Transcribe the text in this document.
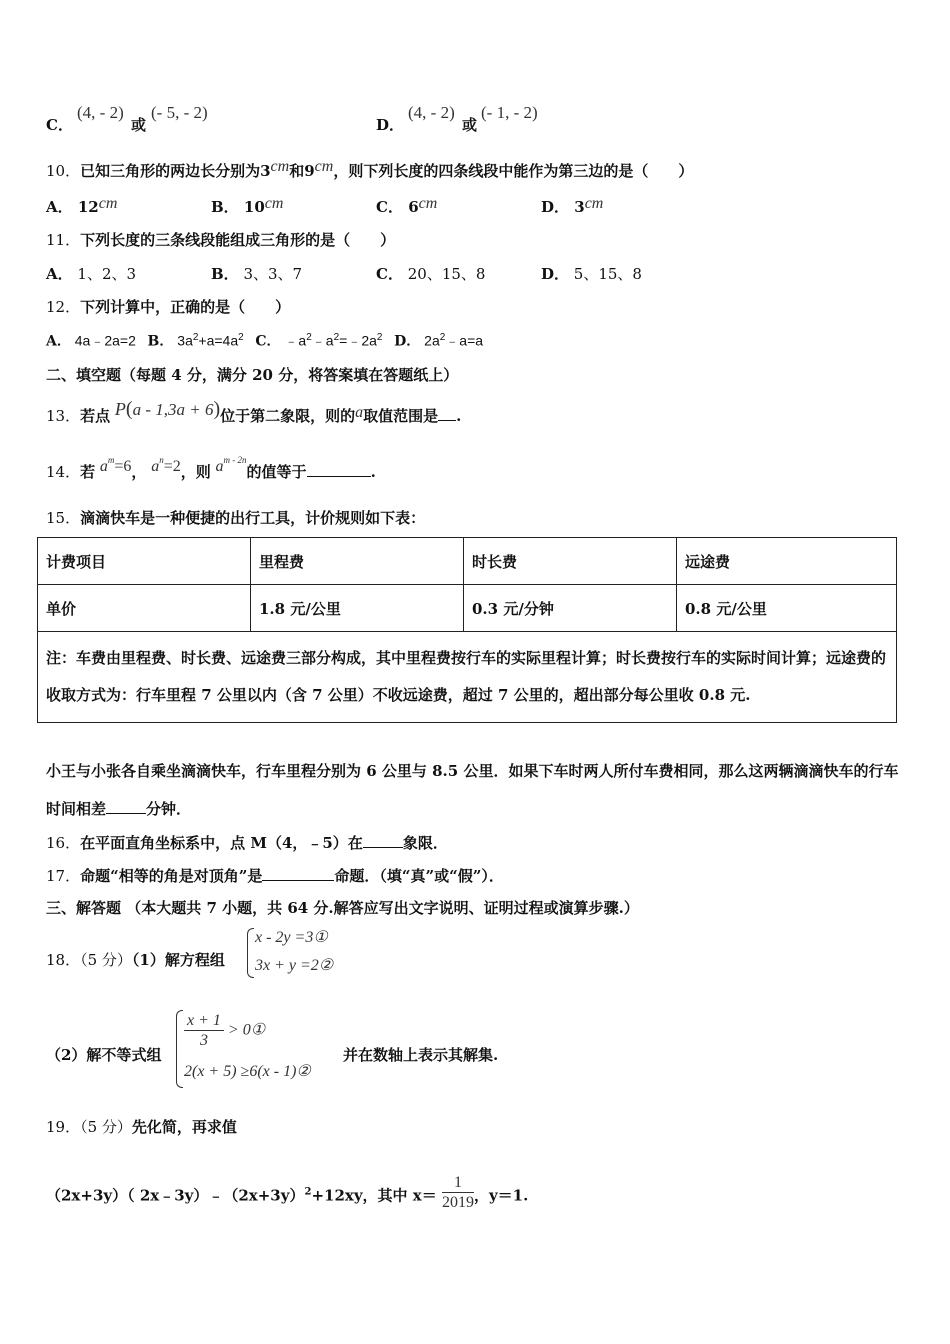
C．
(4, - 2)
或
(- 5, - 2)
D．
(4, - 2)
或
(- 1, - 2)
10．已知三角形的两边长分别为3cm和9cm，则下列长度的四条线段中能作为第三边的是（　　）
A． 12cm	B． 10cm	C． 6cm	D． 3cm
11．下列长度的三条线段能组成三角形的是（　　）
A． 1、2、3	B． 3、3、7	C． 20、15、8	D． 5、15、8
12．下列计算中，正确的是（　　）
A． 4a﹣2a=2 B． $3a^2+a=4a^2$ C． $﹣a^2﹣a^2=﹣2a^2$ D． $2a^2﹣a=a$
二、填空题（每题 4 分，满分 20 分，将答案填在答题纸上）
13．若点 P(a - 1,3a + 6)位于第二象限，则的a取值范围是 .
14．若 $a^m=6$， $a^n=2$，则 $a^{m - 2n}$的值等于	.
15．滴滴快车是一种便捷的出行工具，计价规则如下表：
计费项目	里程费	时长费	远途费
单价	1.8 元/公里	0.3 元/分钟	0.8 元/公里
注：车费由里程费、时长费、远途费三部分构成，其中里程费按行车的实际里程计算；时长费按行车的实际时间计算；远途费的收取方式为：行车里程 7 公里以内（含 7 公里）不收远途费，超过 7 公里的，超出部分每公里收 0.8 元.			
小王与小张各自乘坐滴滴快车，行车里程分别为 6 公里与 8.5 公里．如果下车时两人所付车费相同，那么这两辆滴滴快车的行车时间相差	分钟．
16．在平面直角坐标系中，点 M（4，﹣5）在	象限．
17．命题“相等的角是对顶角”是	命题．（填“真”或“假”）．
三、解答题 （本大题共 7 小题，共 64 分.解答应写出文字说明、证明过程或演算步骤.）
18．（5 分）（1）解方程组
x - 2y =3①
3x + y =2②
（2）解不等式组
$\frac{x + 1}{3}$ > 0①
2(x + 5) ≥6(x - 1)②
并在数轴上表示其解集.
19．（5 分）先化简，再求值
（2x+3y）（ $2x﹣3y)﹣(2x+3y)^2+12xy$，其中 $x= \frac{1}{2019}$ ，y＝1.
